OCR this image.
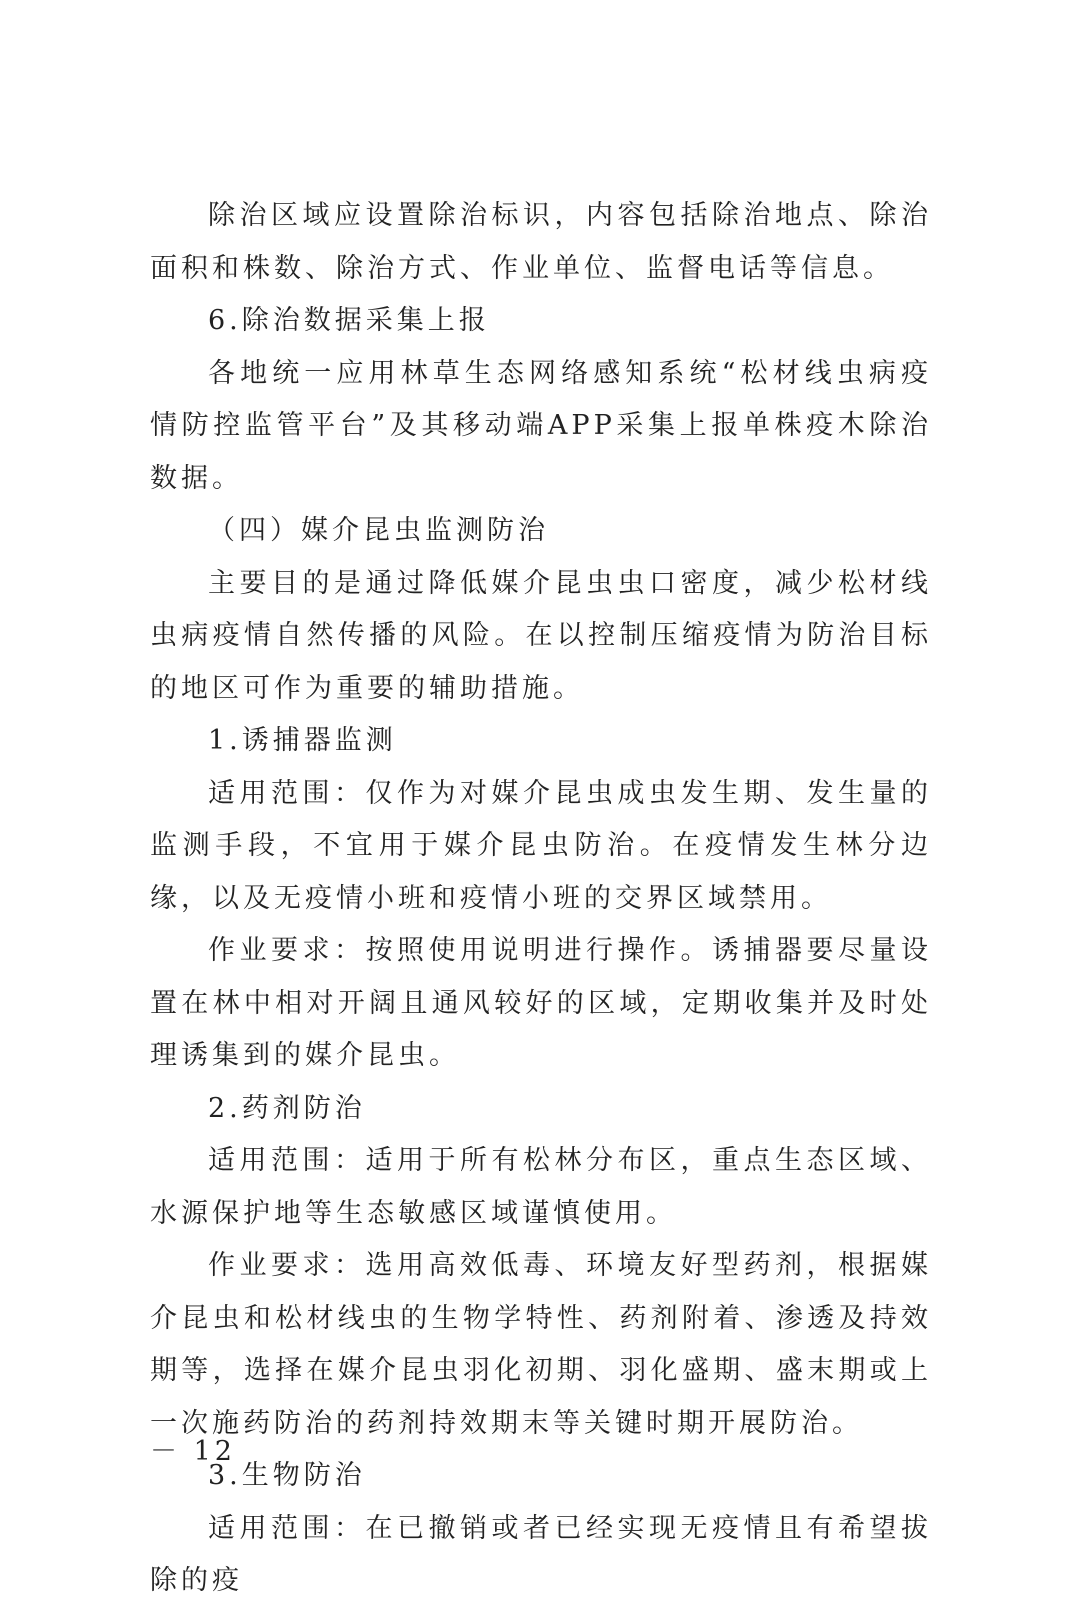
除治区域应设置除治标识，内容包括除治地点、除治面积和株数、除治方式、作业单位、监督电话等信息。

6.除治数据采集上报

各地统一应用林草生态网络感知系统“松材线虫病疫情防控监管平台”及其移动端APP采集上报单株疫木除治数据。

（四）媒介昆虫监测防治

主要目的是通过降低媒介昆虫虫口密度，减少松材线虫病疫情自然传播的风险。在以控制压缩疫情为防治目标的地区可作为重要的辅助措施。

1.诱捕器监测

适用范围：仅作为对媒介昆虫成虫发生期、发生量的监测手段，不宜用于媒介昆虫防治。在疫情发生林分边缘，以及无疫情小班和疫情小班的交界区域禁用。

作业要求：按照使用说明进行操作。诱捕器要尽量设置在林中相对开阔且通风较好的区域，定期收集并及时处理诱集到的媒介昆虫。

2.药剂防治

适用范围：适用于所有松林分布区，重点生态区域、水源保护地等生态敏感区域谨慎使用。

作业要求：选用高效低毒、环境友好型药剂，根据媒介昆虫和松材线虫的生物学特性、药剂附着、渗透及持效期等，选择在媒介昆虫羽化初期、羽化盛期、盛末期或上一次施药防治的药剂持效期末等关键时期开展防治。

3.生物防治

适用范围：在已撤销或者已经实现无疫情且有希望拔除的疫

－ 12
